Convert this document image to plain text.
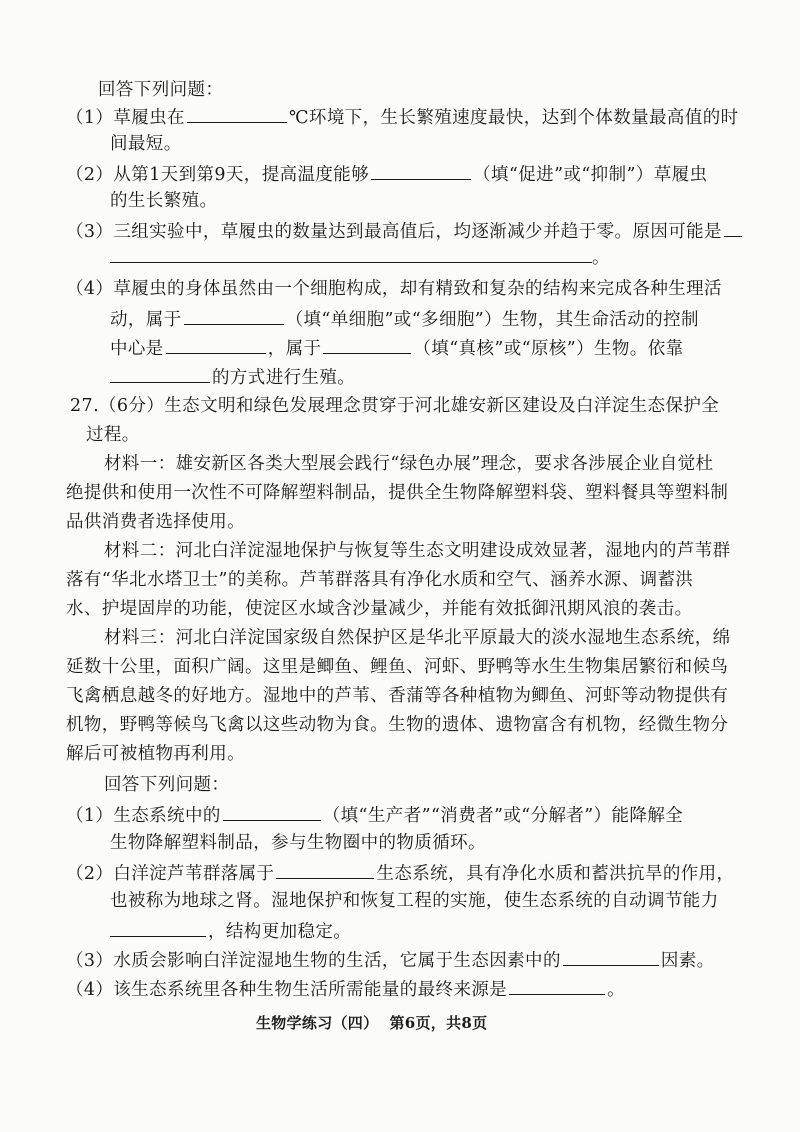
回答下列问题：
（1）草履虫在	℃环境下，生长繁殖速度最快，达到个体数量最高值的时
间最短。
（2）从第1天到第9天，提高温度能够	（填“促进”或“抑制”）草履虫
的生长繁殖。
（3）三组实验中，草履虫的数量达到最高值后，均逐渐减少并趋于零。原因可能是
。
（4）草履虫的身体虽然由一个细胞构成，却有精致和复杂的结构来完成各种生理活
动，属于	（填“单细胞”或“多细胞”）生物，其生命活动的控制
中心是	，属于	（填“真核”或“原核”）生物。依靠
的方式进行生殖。
27.（6分）生态文明和绿色发展理念贯穿于河北雄安新区建设及白洋淀生态保护全
过程。
材料一：雄安新区各类大型展会践行“绿色办展”理念，要求各涉展企业自觉杜
绝提供和使用一次性不可降解塑料制品，提供全生物降解塑料袋、塑料餐具等塑料制
品供消费者选择使用。
材料二：河北白洋淀湿地保护与恢复等生态文明建设成效显著，湿地内的芦苇群
落有“华北水塔卫士”的美称。芦苇群落具有净化水质和空气、涵养水源、调蓄洪
水、护堤固岸的功能，使淀区水域含沙量减少，并能有效抵御汛期风浪的袭击。
材料三：河北白洋淀国家级自然保护区是华北平原最大的淡水湿地生态系统，绵
延数十公里，面积广阔。这里是鲫鱼、鲤鱼、河虾、野鸭等水生生物集居繁衍和候鸟
飞禽栖息越冬的好地方。湿地中的芦苇、香蒲等各种植物为鲫鱼、河虾等动物提供有
机物，野鸭等候鸟飞禽以这些动物为食。生物的遗体、遗物富含有机物，经微生物分
解后可被植物再利用。
回答下列问题：
（1）生态系统中的	（填“生产者”“消费者”或“分解者”）能降解全
生物降解塑料制品，参与生物圈中的物质循环。
（2）白洋淀芦苇群落属于	生态系统，具有净化水质和蓄洪抗旱的作用，
也被称为地球之肾。湿地保护和恢复工程的实施，使生态系统的自动调节能力
，结构更加稳定。
（3）水质会影响白洋淀湿地生物的生活，它属于生态因素中的	因素。
（4）该生态系统里各种生物生活所需能量的最终来源是	。
生物学练习（四）  第6页，共8页
